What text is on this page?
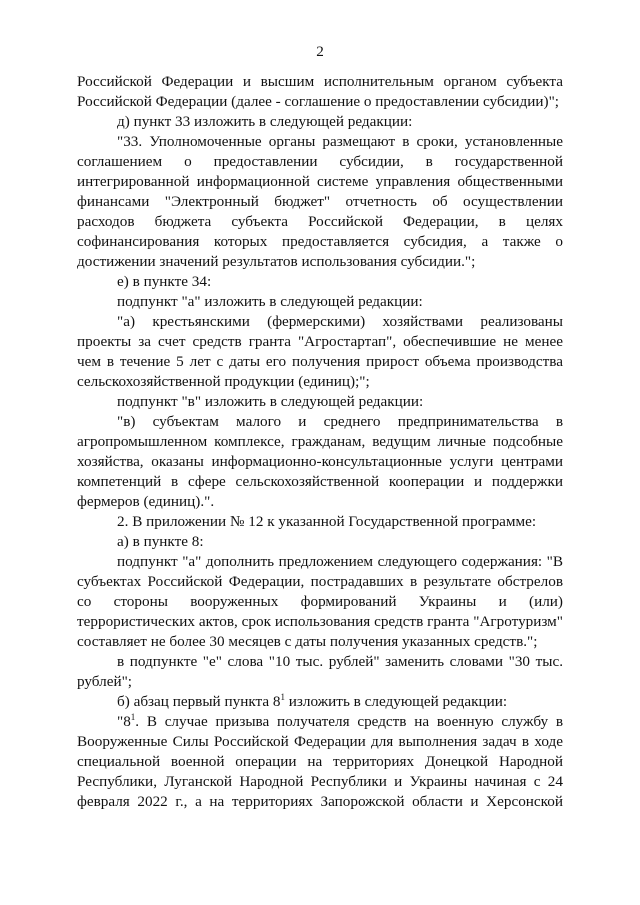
2

Российской Федерации и высшим исполнительным органом субъекта Российской Федерации (далее - соглашение о предоставлении субсидии)";

д) пункт 33 изложить в следующей редакции:

"33. Уполномоченные органы размещают в сроки, установленные соглашением о предоставлении субсидии, в государственной интегрированной информационной системе управления общественными финансами "Электронный бюджет" отчетность об осуществлении расходов бюджета субъекта Российской Федерации, в целях софинансирования которых предоставляется субсидия, а также о достижении значений результатов использования субсидии.";

е) в пункте 34:

подпункт "а" изложить в следующей редакции:

"а) крестьянскими (фермерскими) хозяйствами реализованы проекты за счет средств гранта "Агростартап", обеспечившие не менее чем в течение 5 лет с даты его получения прирост объема производства сельскохозяйственной продукции (единиц);";

подпункт "в" изложить в следующей редакции:

"в) субъектам малого и среднего предпринимательства в агропромышленном комплексе, гражданам, ведущим личные подсобные хозяйства, оказаны информационно-консультационные услуги центрами компетенций в сфере сельскохозяйственной кооперации и поддержки фермеров (единиц).".

2. В приложении № 12 к указанной Государственной программе:

а) в пункте 8:

подпункт "а" дополнить предложением следующего содержания: "В субъектах Российской Федерации, пострадавших в результате обстрелов со стороны вооруженных формирований Украины и (или) террористических актов, срок использования средств гранта "Агротуризм" составляет не более 30 месяцев с даты получения указанных средств.";

в подпункте "е" слова "10 тыс. рублей" заменить словами "30 тыс. рублей";

б) абзац первый пункта $8^1$ изложить в следующей редакции:

"$8^1$. В случае призыва получателя средств на военную службу в Вооруженные Силы Российской Федерации для выполнения задач в ходе специальной военной операции на территориях Донецкой Народной Республики, Луганской Народной Республики и Украины начиная с 24 февраля 2022 г., а на территориях Запорожской области и Херсонской
